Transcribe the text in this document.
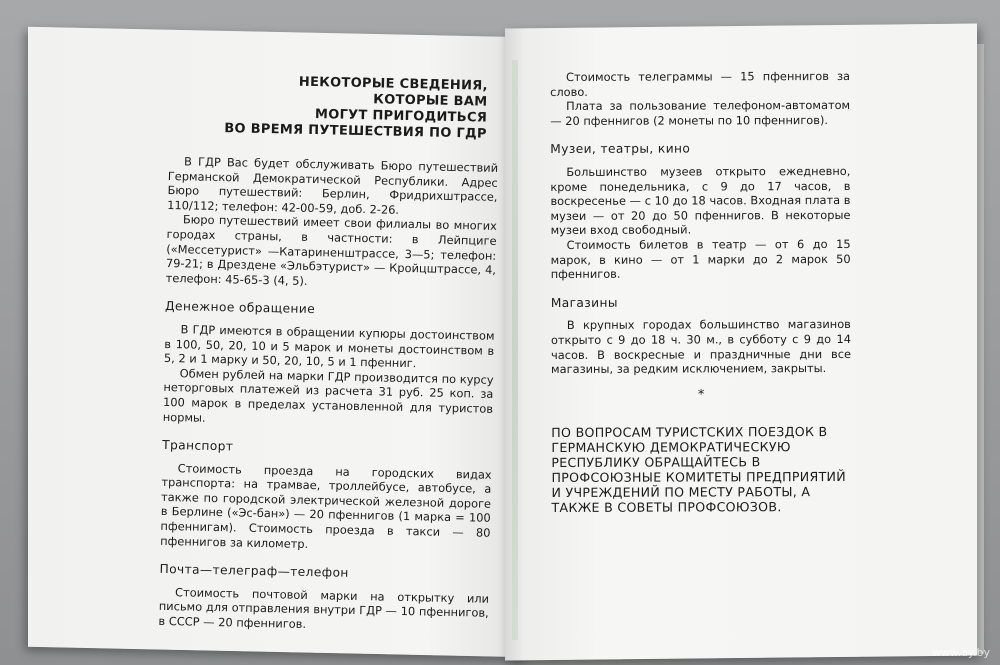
НЕКОТОРЫЕ СВЕДЕНИЯ,
КОТОРЫЕ ВАМ
МОГУТ ПРИГОДИТЬСЯ
ВО ВРЕМЯ ПУТЕШЕСТВИЯ ПО ГДР

В ГДР Вас будет обслуживать Бюро путешествий Германской Демократической Республики. Адрес Бюро путешествий: Берлин, Фридрихштрассе, 110/112; телефон: 42-00-59, доб. 2-26.

Бюро путешествий имеет свои филиалы во многих городах страны, в частности: в Лейпциге («Мессетурист» —Катариненштрассе, 3—5; телефон: 79-21; в Дрездене «Эльбэтурист» — Кройцштрассе, 4, телефон: 45-65-3 (4, 5).

Денежное обращение

В ГДР имеются в обращении купюры достоинством в 100, 50, 20, 10 и 5 марок и монеты достоинством в 5, 2 и 1 марку и 50, 20, 10, 5 и 1 пфенниг.

Обмен рублей на марки ГДР производится по курсу неторговых платежей из расчета 31 руб. 25 коп. за 100 марок в пределах установленной для туристов нормы.

Транспорт

Стоимость проезда на городских видах транспорта: на трамвае, троллейбусе, автобусе, а также по городской электрической железной дороге в Берлине («Эс-бан») — 20 пфеннигов (1 марка = 100 пфеннигам). Стоимость проезда в такси — 80 пфеннигов за километр.

Почта—телеграф—телефон

Стоимость почтовой марки на открытку или письмо для отправления внутри ГДР — 10 пфеннигов, в СССР — 20 пфеннигов.

Стоимость телеграммы — 15 пфеннигов за слово.

Плата за пользование телефоном-автоматом — 20 пфеннигов (2 монеты по 10 пфеннигов).

Музеи, театры, кино

Большинство музеев открыто ежедневно, кроме понедельника, с 9 до 17 часов, в воскресенье — с 10 до 18 часов. Входная плата в музеи — от 20 до 50 пфеннигов. В некоторые музеи вход свободный.

Стоимость билетов в театр — от 6 до 15 марок, в кино — от 1 марки до 2 марок 50 пфеннигов.

Магазины

В крупных городах большинство магазинов открыто с 9 до 18 ч. 30 м., в субботу с 9 до 14 часов. В воскресные и праздничные дни все магазины, за редким исключением, закрыты.

*

ПО ВОПРОСАМ ТУРИСТСКИХ ПОЕЗДОК В ГЕРМАНСКУЮ ДЕМОКРАТИЧЕСКУЮ РЕСПУБЛИКУ ОБРАЩАЙТЕСЬ В ПРОФСОЮЗНЫЕ КОМИТЕТЫ ПРЕДПРИЯТИЙ И УЧРЕЖДЕНИЙ ПО МЕСТУ РАБОТЫ, А ТАКЖЕ В СОВЕТЫ ПРОФСОЮЗОВ.

www.ay.by
